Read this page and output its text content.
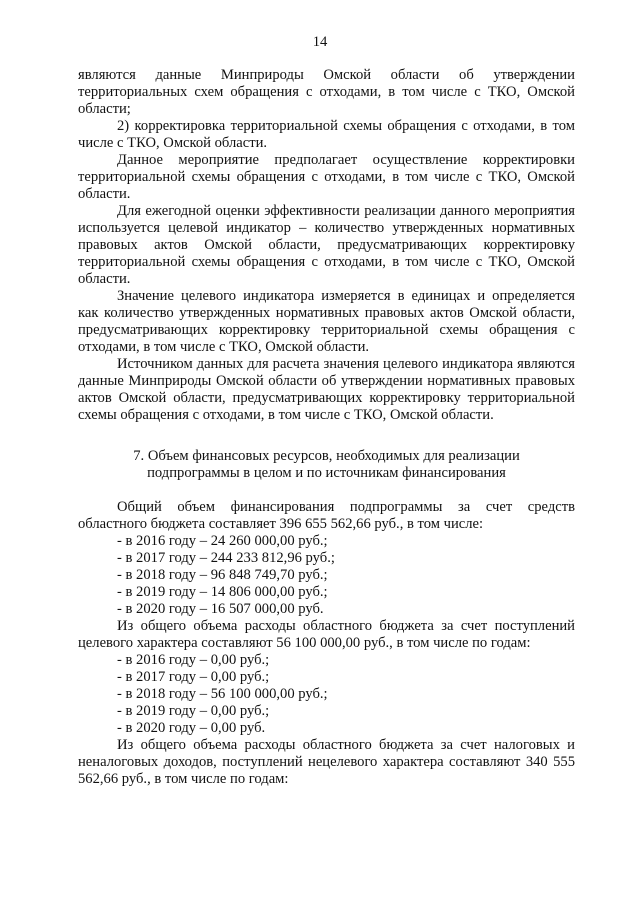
14

являются данные Минприроды Омской области об утверждении территориальных схем обращения с отходами, в том числе с ТКО, Омской области;

2) корректировка территориальной схемы обращения с отходами, в том числе с ТКО, Омской области.

Данное мероприятие предполагает осуществление корректировки территориальной схемы обращения с отходами, в том числе с ТКО, Омской области.

Для ежегодной оценки эффективности реализации данного мероприятия используется целевой индикатор – количество утвержденных нормативных правовых актов Омской области, предусматривающих корректировку территориальной схемы обращения с отходами, в том числе с ТКО, Омской области.

Значение целевого индикатора измеряется в единицах и определяется как количество утвержденных нормативных правовых актов Омской области, предусматривающих корректировку территориальной схемы обращения с отходами, в том числе с ТКО, Омской области.

Источником данных для расчета значения целевого индикатора являются данные Минприроды Омской области об утверждении нормативных правовых актов Омской области, предусматривающих корректировку территориальной схемы обращения с отходами, в том числе с ТКО, Омской области.

7. Объем финансовых ресурсов, необходимых для реализации
подпрограммы в целом и по источникам финансирования

Общий объем финансирования подпрограммы за счет средств областного бюджета составляет 396 655 562,66 руб., в том числе:

- в 2016 году – 24 260 000,00 руб.;

- в 2017 году – 244 233 812,96 руб.;

- в 2018 году – 96 848 749,70 руб.;

- в 2019 году – 14 806 000,00 руб.;

- в 2020 году – 16 507 000,00 руб.

Из общего объема расходы областного бюджета за счет поступлений целевого характера составляют 56 100 000,00 руб., в том числе по годам:

- в 2016 году – 0,00 руб.;

- в 2017 году – 0,00 руб.;

- в 2018 году – 56 100 000,00 руб.;

- в 2019 году – 0,00 руб.;

- в 2020 году – 0,00 руб.

Из общего объема расходы областного бюджета за счет налоговых и неналоговых доходов, поступлений нецелевого характера составляют 340 555 562,66 руб., в том числе по годам:
